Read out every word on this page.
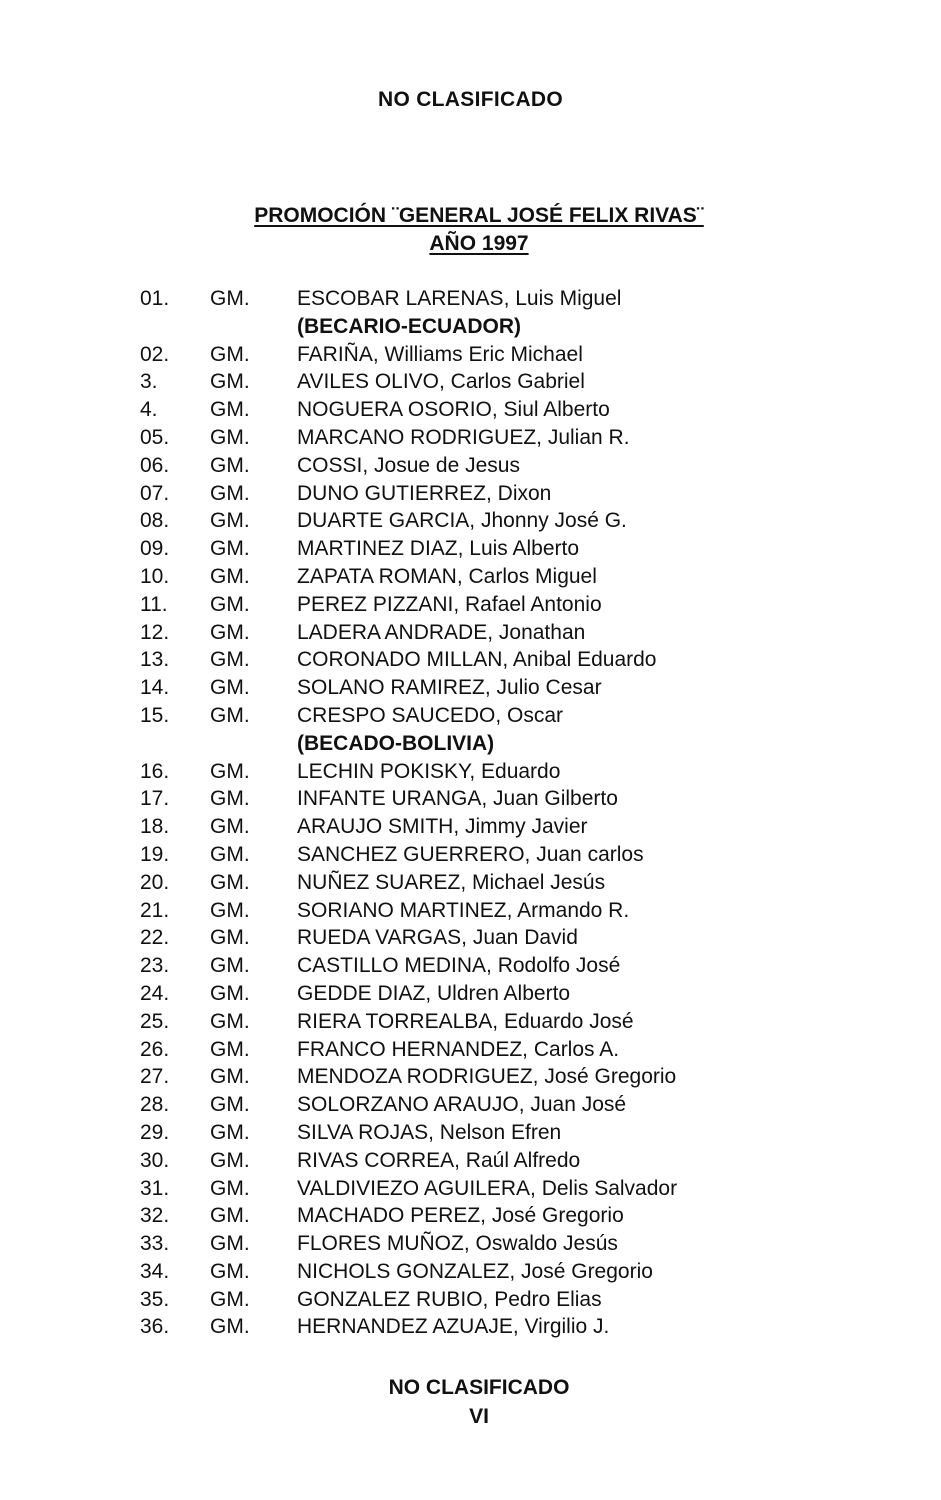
NO CLASIFICADO
PROMOCIÓN ¨GENERAL JOSÉ FELIX RIVAS¨
AÑO 1997
01. GM. ESCOBAR LARENAS, Luis Miguel
(BECARIO-ECUADOR)
02. GM. FARIÑA, Williams Eric Michael
3. GM. AVILES OLIVO, Carlos Gabriel
4. GM. NOGUERA OSORIO, Siul Alberto
05. GM. MARCANO RODRIGUEZ, Julian R.
06. GM. COSSI, Josue de Jesus
07. GM. DUNO GUTIERREZ, Dixon
08. GM. DUARTE GARCIA, Jhonny José G.
09. GM. MARTINEZ DIAZ, Luis Alberto
10. GM. ZAPATA ROMAN, Carlos Miguel
11. GM. PEREZ PIZZANI, Rafael Antonio
12. GM. LADERA ANDRADE, Jonathan
13. GM. CORONADO MILLAN, Anibal Eduardo
14. GM. SOLANO RAMIREZ, Julio Cesar
15. GM. CRESPO SAUCEDO, Oscar
(BECADO-BOLIVIA)
16. GM. LECHIN POKISKY, Eduardo
17. GM. INFANTE URANGA, Juan Gilberto
18. GM. ARAUJO SMITH, Jimmy Javier
19. GM. SANCHEZ GUERRERO, Juan carlos
20. GM. NUÑEZ SUAREZ, Michael Jesús
21. GM. SORIANO MARTINEZ, Armando R.
22. GM. RUEDA VARGAS, Juan David
23. GM. CASTILLO MEDINA, Rodolfo José
24. GM. GEDDE DIAZ, Uldren Alberto
25. GM. RIERA TORREALBA, Eduardo José
26. GM. FRANCO HERNANDEZ, Carlos A.
27. GM. MENDOZA RODRIGUEZ, José Gregorio
28. GM. SOLORZANO ARAUJO, Juan José
29. GM. SILVA ROJAS, Nelson Efren
30. GM. RIVAS CORREA, Raúl Alfredo
31. GM. VALDIVIEZO AGUILERA, Delis Salvador
32. GM. MACHADO PEREZ, José Gregorio
33. GM. FLORES MUÑOZ, Oswaldo Jesús
34. GM. NICHOLS GONZALEZ, José Gregorio
35. GM. GONZALEZ RUBIO, Pedro Elias
36. GM. HERNANDEZ AZUAJE, Virgilio J.
NO CLASIFICADO
VI
